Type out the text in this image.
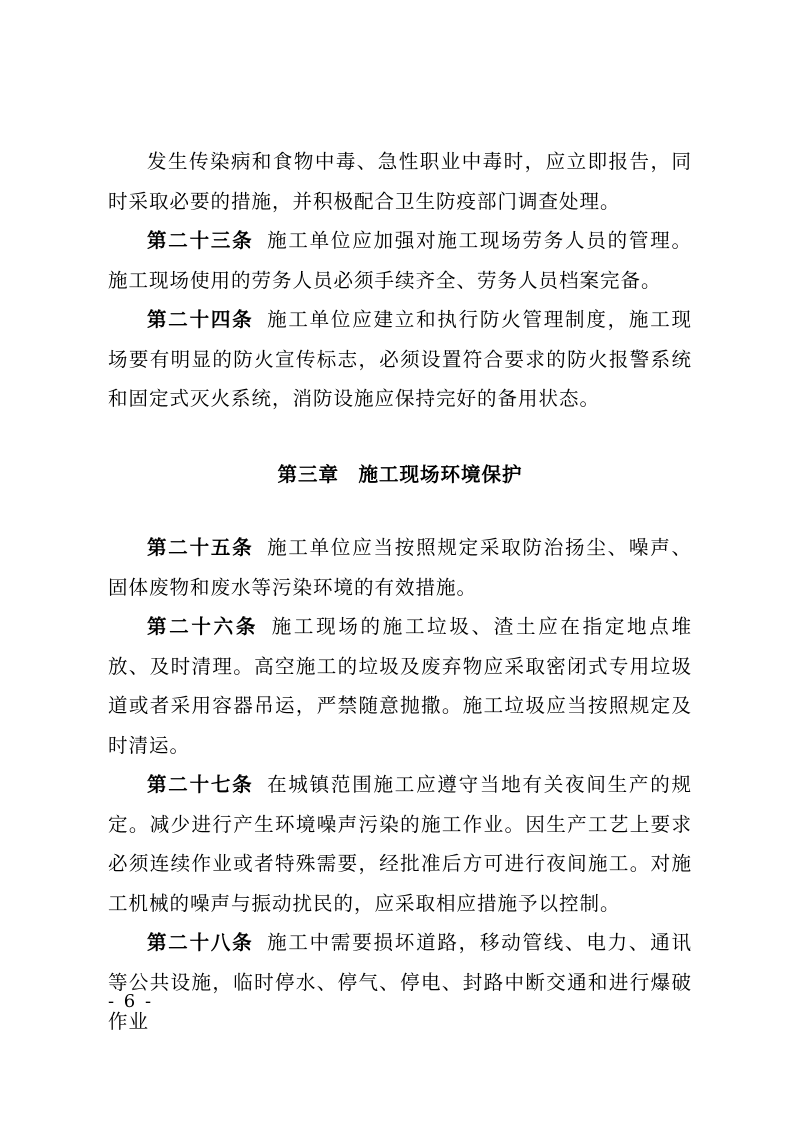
发生传染病和食物中毒、急性职业中毒时，应立即报告，同时采取必要的措施，并积极配合卫生防疫部门调查处理。

第二十三条 施工单位应加强对施工现场劳务人员的管理。施工现场使用的劳务人员必须手续齐全、劳务人员档案完备。

第二十四条 施工单位应建立和执行防火管理制度，施工现场要有明显的防火宣传标志，必须设置符合要求的防火报警系统和固定式灭火系统，消防设施应保持完好的备用状态。

第三章 施工现场环境保护

第二十五条 施工单位应当按照规定采取防治扬尘、噪声、固体废物和废水等污染环境的有效措施。

第二十六条 施工现场的施工垃圾、渣土应在指定地点堆放、及时清理。高空施工的垃圾及废弃物应采取密闭式专用垃圾道或者采用容器吊运，严禁随意抛撒。施工垃圾应当按照规定及时清运。

第二十七条 在城镇范围施工应遵守当地有关夜间生产的规定。减少进行产生环境噪声污染的施工作业。因生产工艺上要求必须连续作业或者特殊需要，经批准后方可进行夜间施工。对施工机械的噪声与振动扰民的，应采取相应措施予以控制。

第二十八条 施工中需要损坏道路，移动管线、电力、通讯等公共设施，临时停水、停气、停电、封路中断交通和进行爆破作业

- 6 -
